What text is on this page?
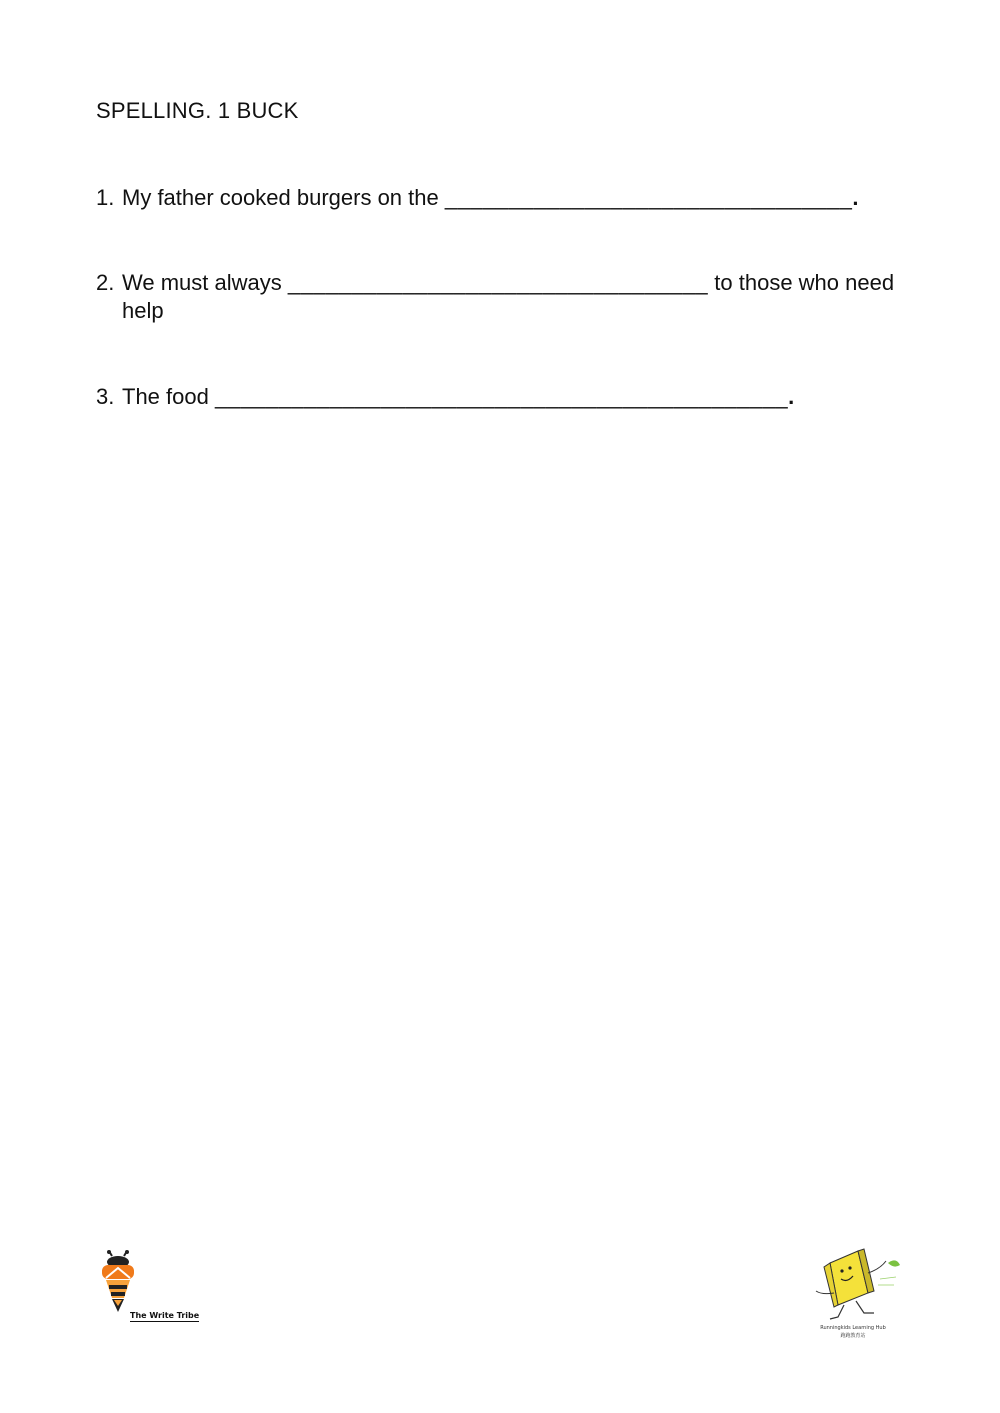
SPELLING. 1 BUCK
1. My father cooked burgers on the ________________________________.
2. We must always _________________________________ to those who need help
3. The food _____________________________________________.
The Write Tribe
Runningkids Learning Hub
跑跑教育站
